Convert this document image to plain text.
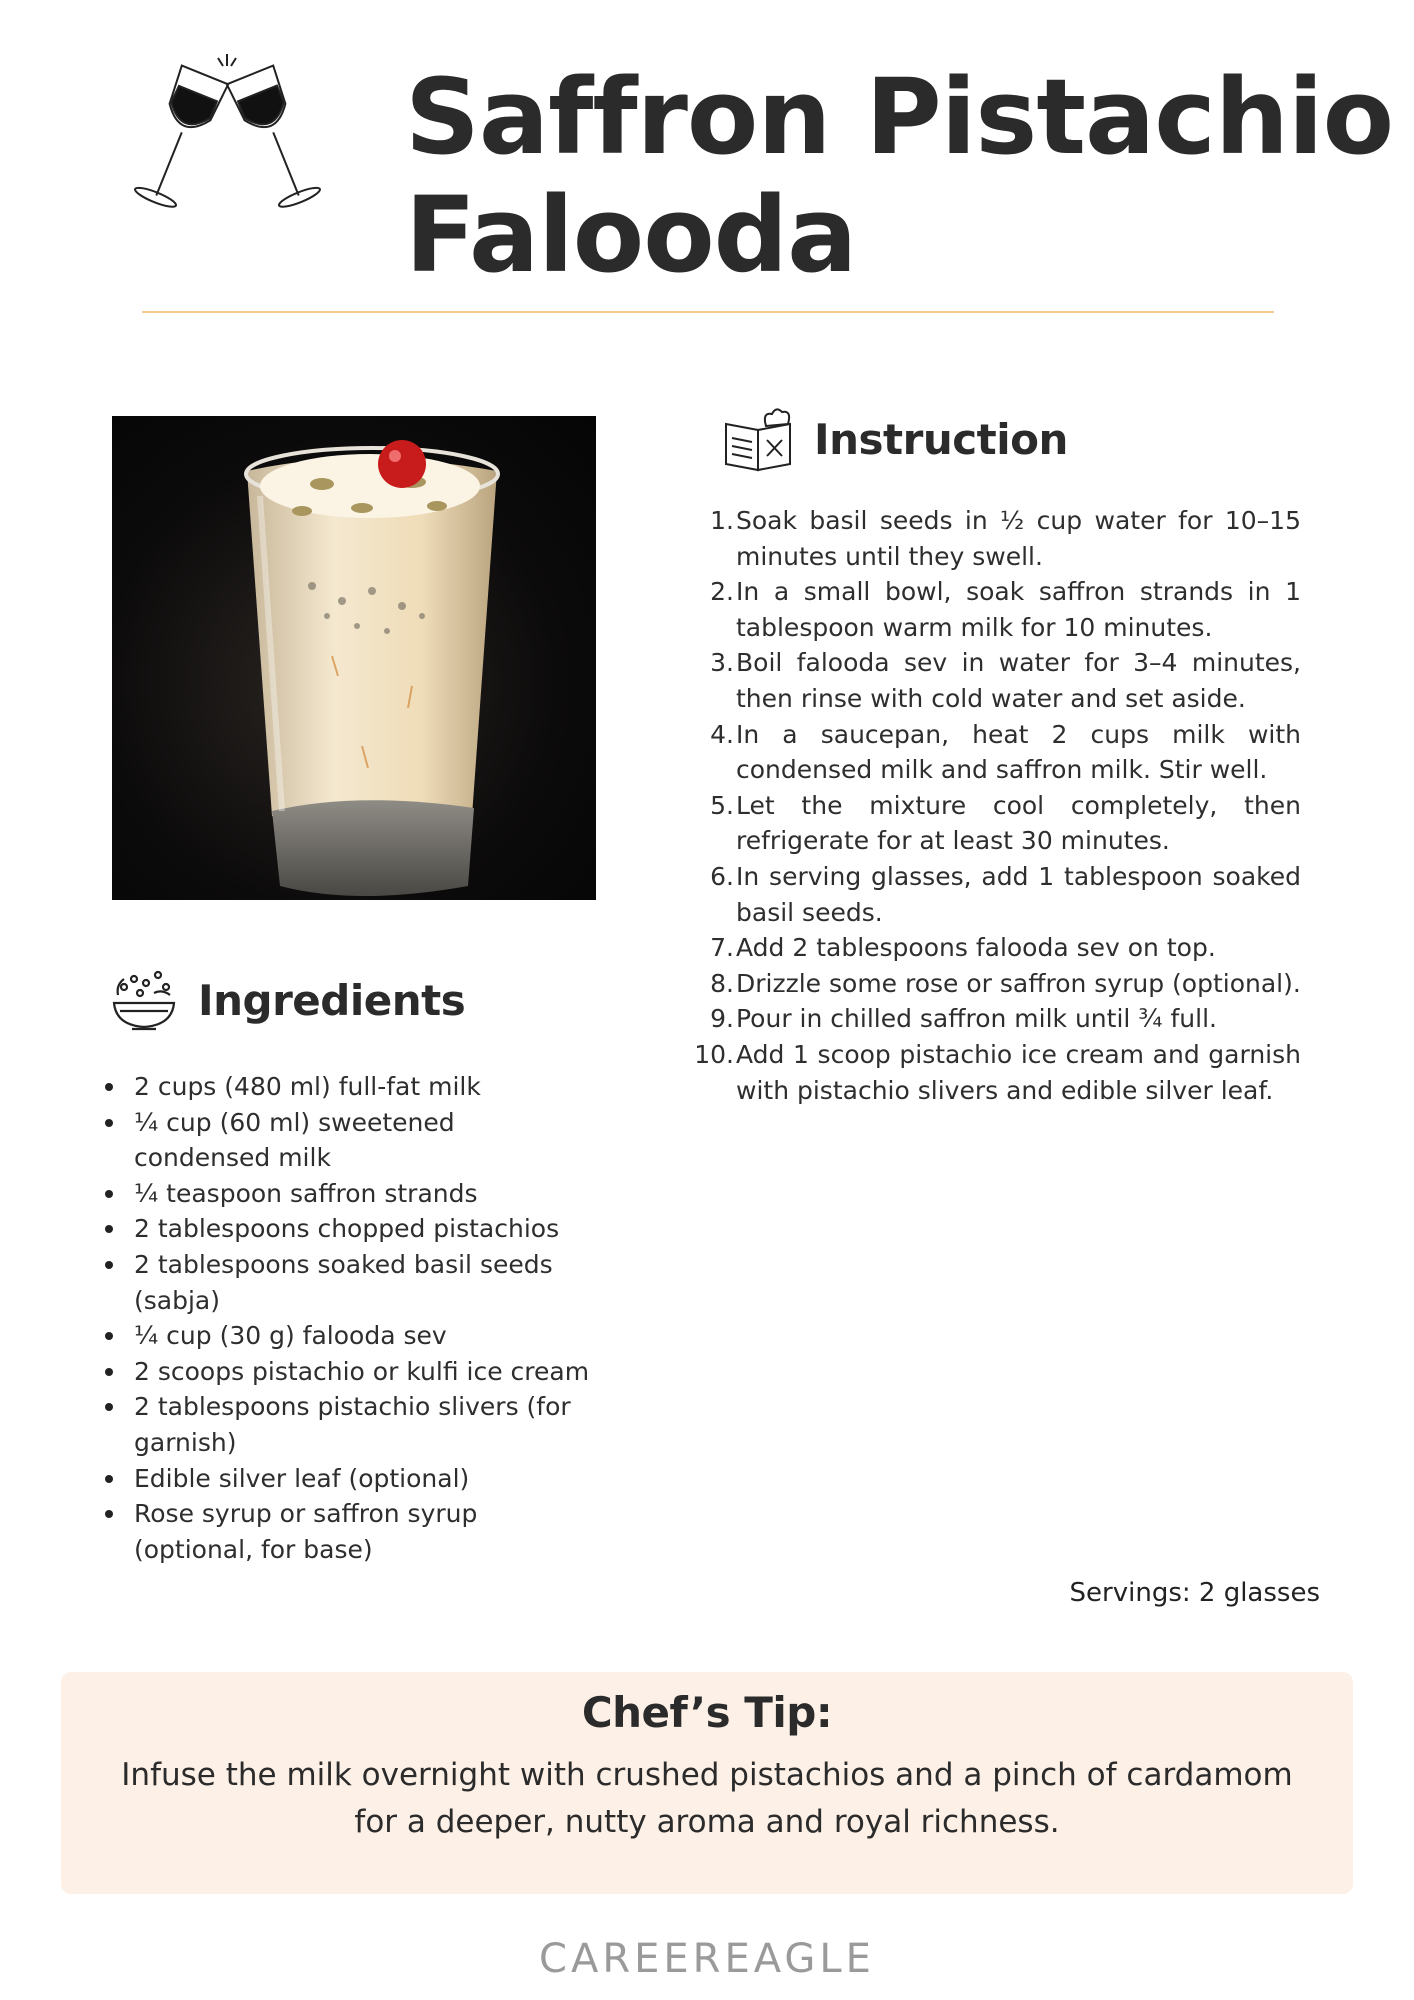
Saffron Pistachio Falooda
Instruction
1. Soak basil seeds in ½ cup water for 10–15 minutes until they swell.
2. In a small bowl, soak saffron strands in 1 tablespoon warm milk for 10 minutes.
3. Boil falooda sev in water for 3–4 minutes, then rinse with cold water and set aside.
4. In a saucepan, heat 2 cups milk with condensed milk and saffron milk. Stir well.
5. Let the mixture cool completely, then refrigerate for at least 30 minutes.
6. In serving glasses, add 1 tablespoon soaked basil seeds.
7. Add 2 tablespoons falooda sev on top.
8. Drizzle some rose or saffron syrup (optional).
9. Pour in chilled saffron milk until ¾ full.
10. Add 1 scoop pistachio ice cream and garnish with pistachio slivers and edible silver leaf.
Ingredients
2 cups (480 ml) full-fat milk
¼ cup (60 ml) sweetened condensed milk
¼ teaspoon saffron strands
2 tablespoons chopped pistachios
2 tablespoons soaked basil seeds (sabja)
¼ cup (30 g) falooda sev
2 scoops pistachio or kulfi ice cream
2 tablespoons pistachio slivers (for garnish)
Edible silver leaf (optional)
Rose syrup or saffron syrup (optional, for base)
Servings: 2 glasses
Chef’s Tip:
Infuse the milk overnight with crushed pistachios and a pinch of cardamom for a deeper, nutty aroma and royal richness.
CAREEREAGLE
